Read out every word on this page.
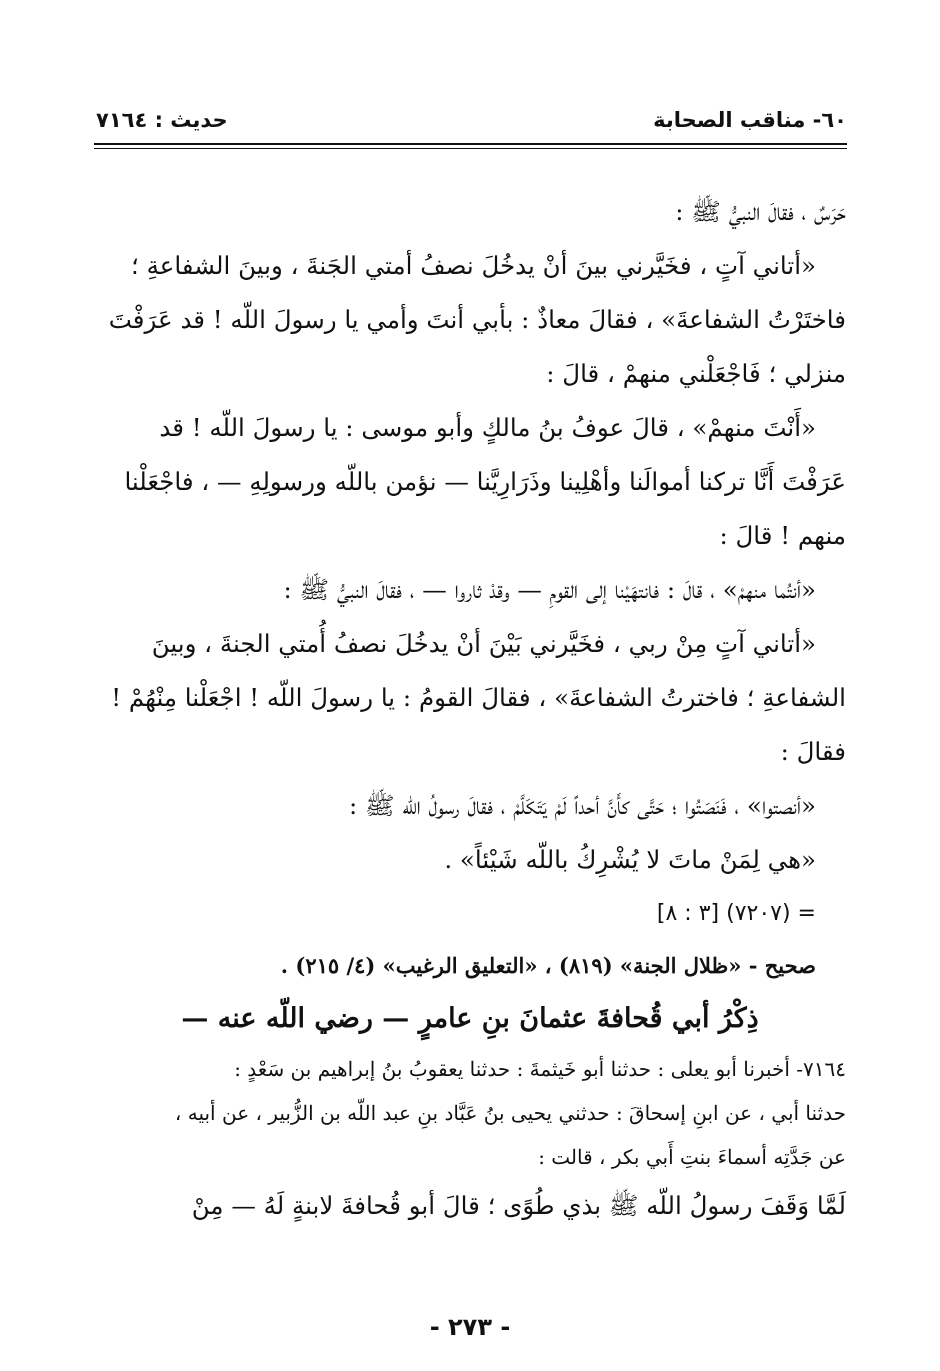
٦٠- مناقب الصحابة
حديث : ٧١٦٤
حَرَسٌ ، فقالَ النبيُّ ﷺ :
«أتاني آتٍ ، فخَيَّرني بينَ أنْ يدخُلَ نصفُ أمتي الجَنةَ ، وبينَ الشفاعةِ ؛
فاختَرْتُ الشفاعةَ» ، فقالَ معاذٌ : بأبي أنتَ وأمي يا رسولَ اللّه ! قد عَرَفْتَ
منزلي ؛ فَاجْعَلْني منهمْ ، قالَ :
«أَنْتَ منهمْ» ، قالَ عوفُ بنُ مالكٍ وأبو موسى : يا رسولَ اللّه ! قد
عَرَفْتَ أَنَّا تركنا أموالَنا وأهْلِينا وذَرَارِيَّنا — نؤمن باللّه ورسولِهِ — ، فاجْعَلْنا
منهم ! قالَ :
«أنتُما منهمْ» ، قالَ : فانتهَيْنا إلى القومِ — وقدْ ثاروا — ، فقالَ النبيُّ ﷺ :
«أتاني آتٍ مِنْ ربي ، فخَيَّرني بَيْنَ أنْ يدخُلَ نصفُ أُمتي الجنةَ ، وبينَ
الشفاعةِ ؛ فاخترتُ الشفاعةَ» ، فقالَ القومُ : يا رسولَ اللّه ! اجْعَلْنا مِنْهُمْ !
فقالَ :
«أنصتوا» ، فَنَصَتُوا ؛ حَتَّى كأَنَّ أحداً لَمْ يَتَكَلَّمْ ، فقالَ رسولُ اللّه ﷺ :
«هي لِمَنْ ماتَ لا يُشْرِكُ باللّه شَيْئاً» .
= (٧٢٠٧) [٣ : ٨]
صحيح - «ظلال الجنة» (٨١٩) ، «التعليق الرغيب» (٤/ ٢١٥) .
ذِكْرُ أبي قُحافةَ عثمانَ بنِ عامرٍ — رضي اللّه عنه —
٧١٦٤- أخبرنا أبو يعلى : حدثنا أبو خَيثمةَ : حدثنا يعقوبُ بنُ إبراهيم بن سَعْدٍ :
حدثنا أبي ، عن ابنِ إسحاقَ : حدثني يحيى بنُ عَبَّاد بنِ عبد اللّه بن الزُّبير ، عن أبيه ،
عن جَدَّتِه أسماءَ بنتِ أَبي بكر ، قالت :
لَمَّا وَقَفَ رسولُ اللّه ﷺ بذي طُوًى ؛ قالَ أبو قُحافةَ لابنةٍ لَهُ — مِنْ
- ٢٧٣ -
